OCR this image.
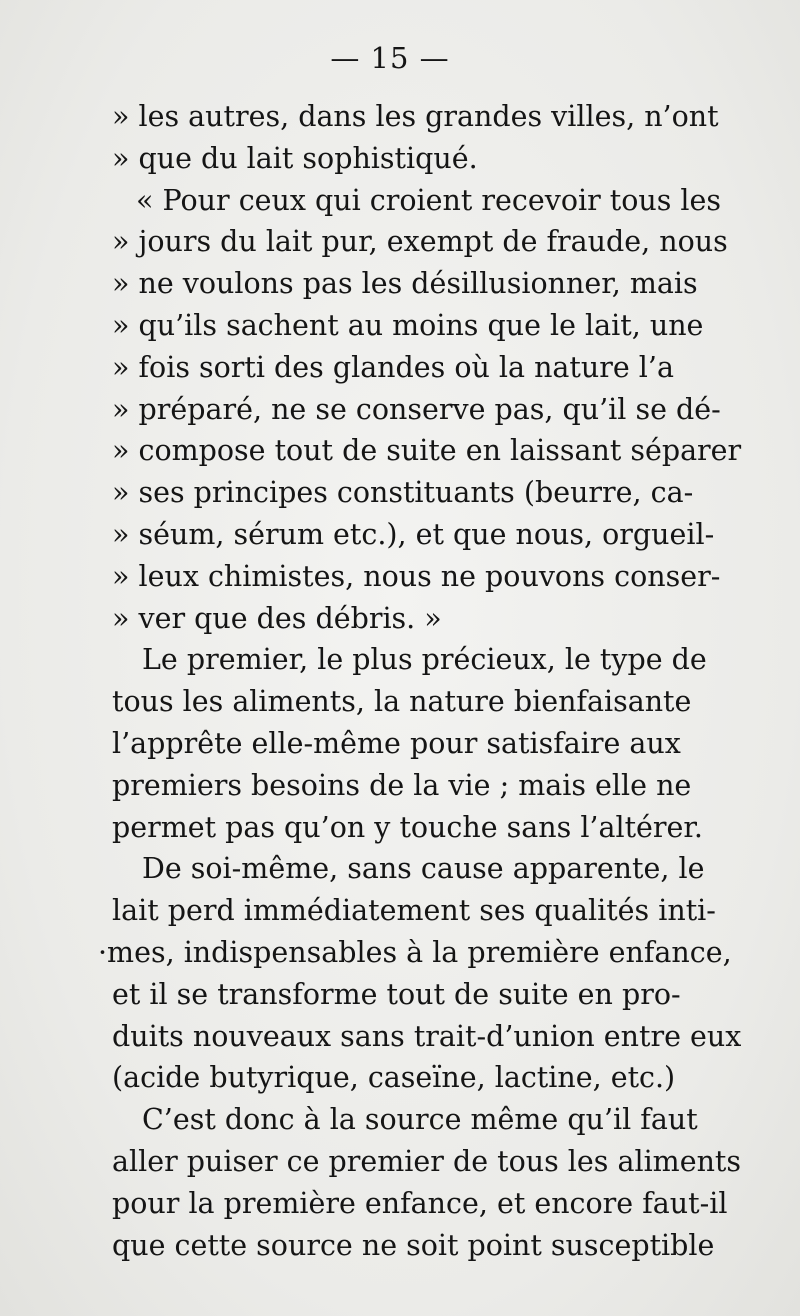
— 15 —
» les autres, dans les grandes villes, n’ont
» que du lait sophistiqué.
« Pour ceux qui croient recevoir tous les
» jours du lait pur, exempt de fraude, nous
» ne voulons pas les désillusionner, mais
» qu’ils sachent au moins que le lait, une
» fois sorti des glandes où la nature l’a
» préparé, ne se conserve pas, qu’il se dé-
» compose tout de suite en laissant séparer
» ses principes constituants (beurre, ca-
» séum, sérum etc.), et que nous, orgueil-
» leux chimistes, nous ne pouvons conser-
» ver que des débris. »
Le premier, le plus précieux, le type de
tous les aliments, la nature bienfaisante
l’apprête elle-même pour satisfaire aux
premiers besoins de la vie ; mais elle ne
permet pas qu’on y touche sans l’altérer.
De soi-même, sans cause apparente, le
lait perd immédiatement ses qualités inti-
·mes, indispensables à la première enfance,
et il se transforme tout de suite en pro-
duits nouveaux sans trait-d’union entre eux
(acide butyrique, caseïne, lactine, etc.)
C’est donc à la source même qu’il faut
aller puiser ce premier de tous les aliments
pour la première enfance, et encore faut-il
que cette source ne soit point susceptible
